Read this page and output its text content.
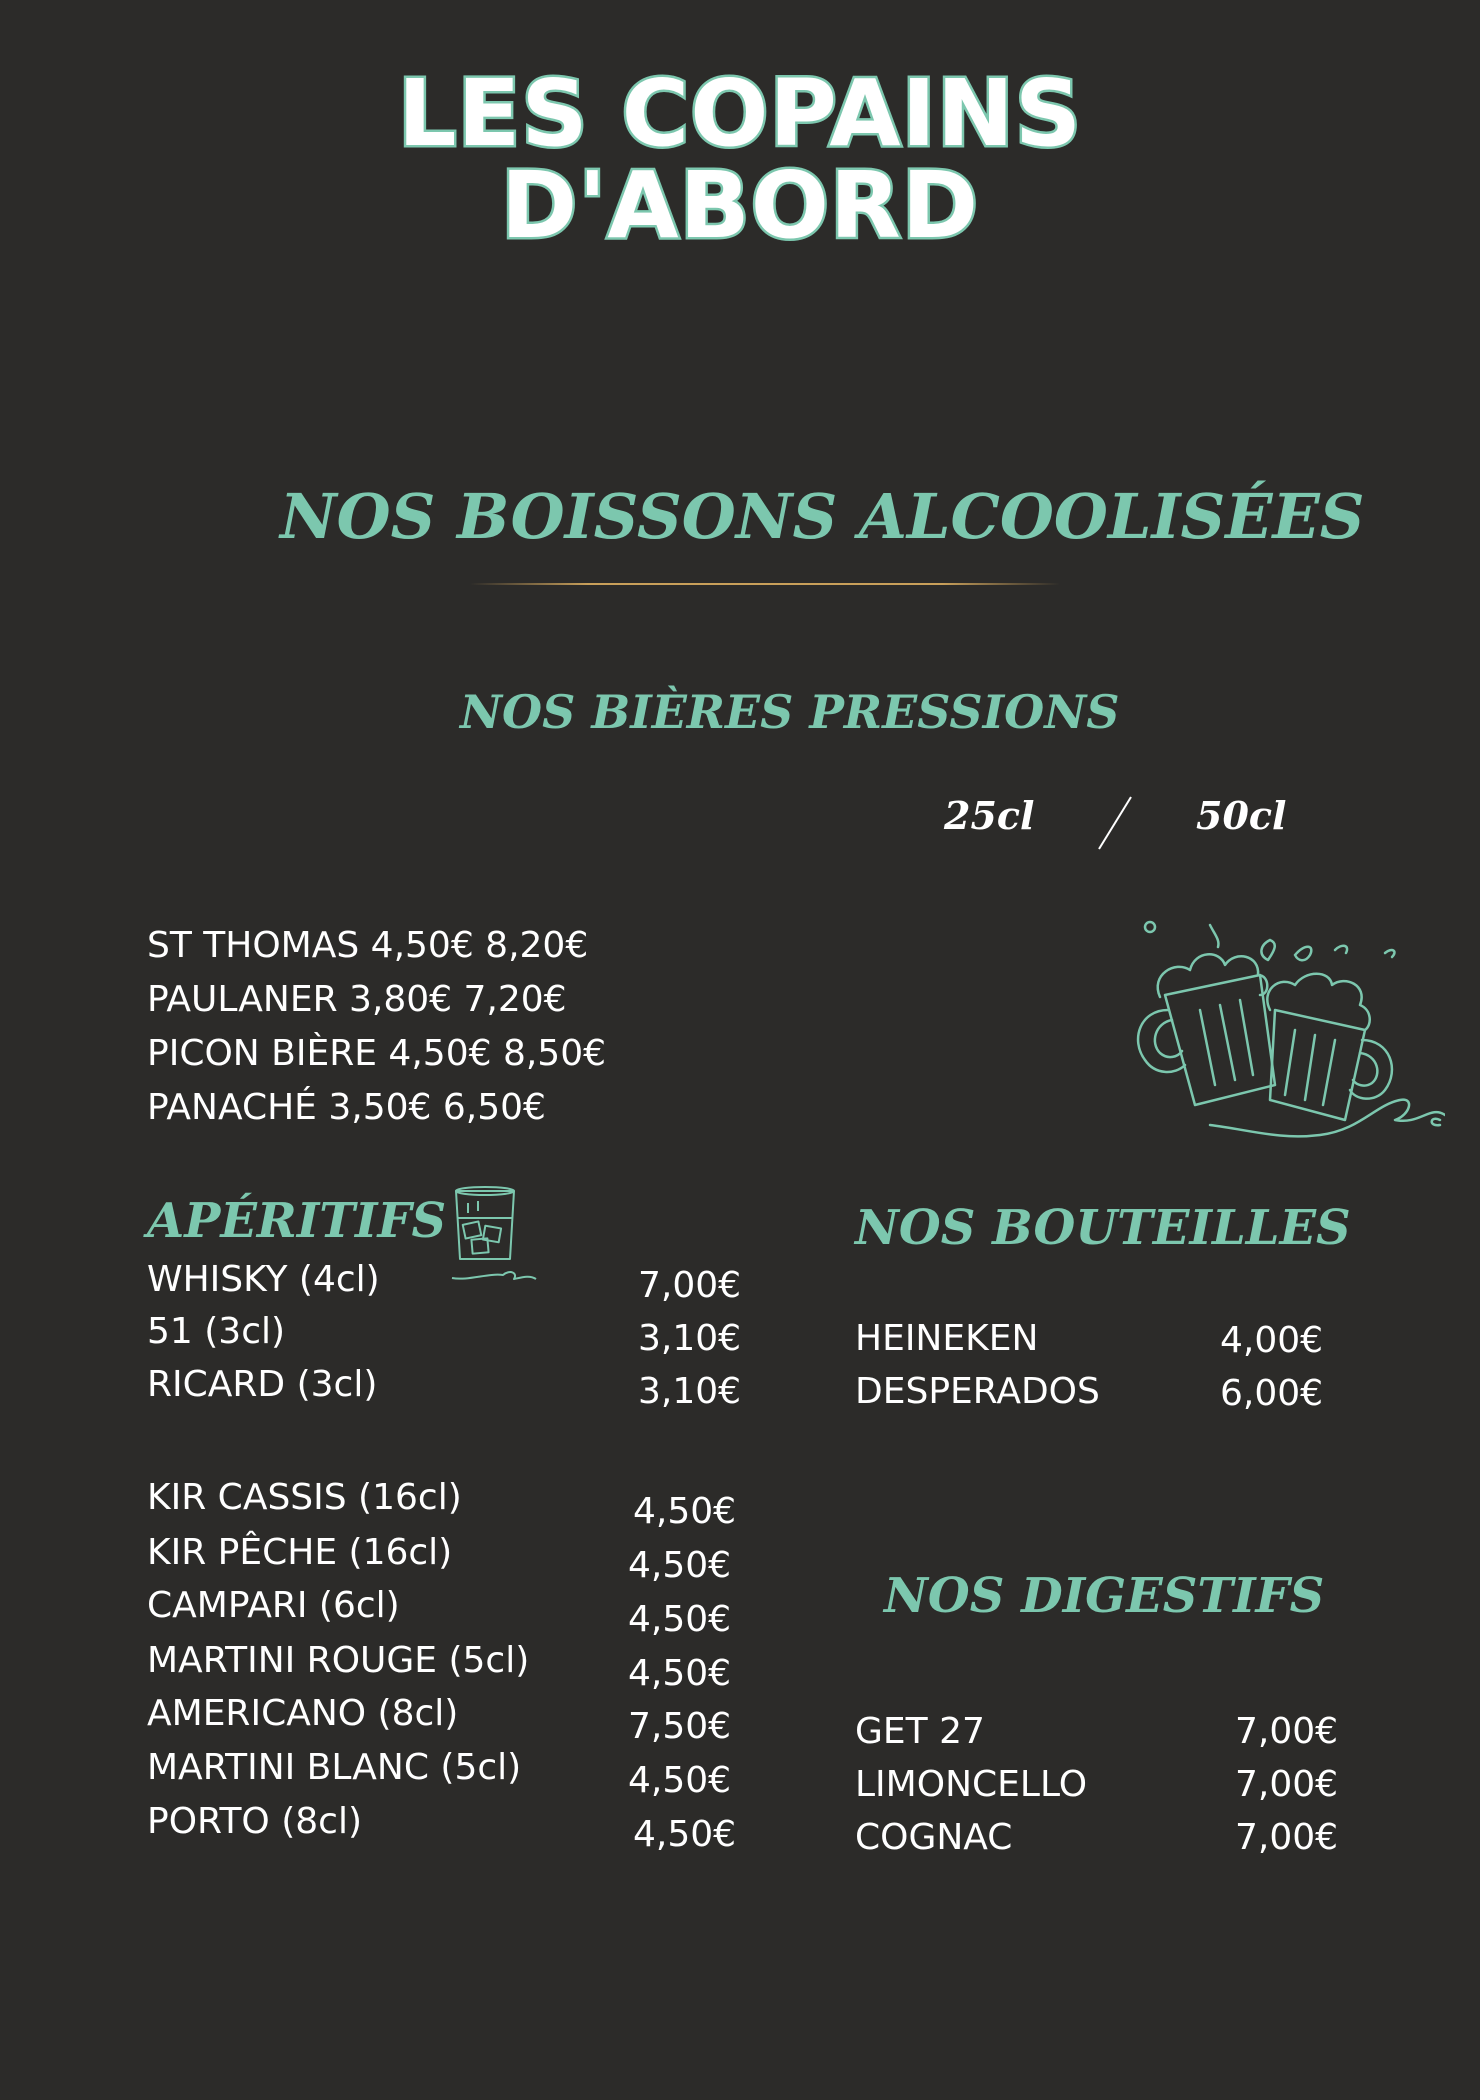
LES COPAINS
D'ABORD
NOS BOISSONS ALCOOLISÉES
NOS BIÈRES PRESSIONS
25cl	50cl
ST THOMAS 4,50€ 8,20€
PAULANER 3,80€ 7,20€
PICON BIÈRE 4,50€ 8,50€
PANACHÉ 3,50€ 6,50€
APÉRITIFS
WHISKY (4cl)	7,00€
51 (3cl)	3,10€
RICARD (3cl)	3,10€
KIR CASSIS (16cl)	4,50€
KIR PÊCHE (16cl)	4,50€
CAMPARI (6cl)	4,50€
MARTINI ROUGE (5cl)	4,50€
AMERICANO (8cl)	7,50€
MARTINI BLANC (5cl)	4,50€
PORTO (8cl)	4,50€
NOS BOUTEILLES
HEINEKEN	4,00€
DESPERADOS	6,00€
NOS DIGESTIFS
GET 27	7,00€
LIMONCELLO	7,00€
COGNAC	7,00€
